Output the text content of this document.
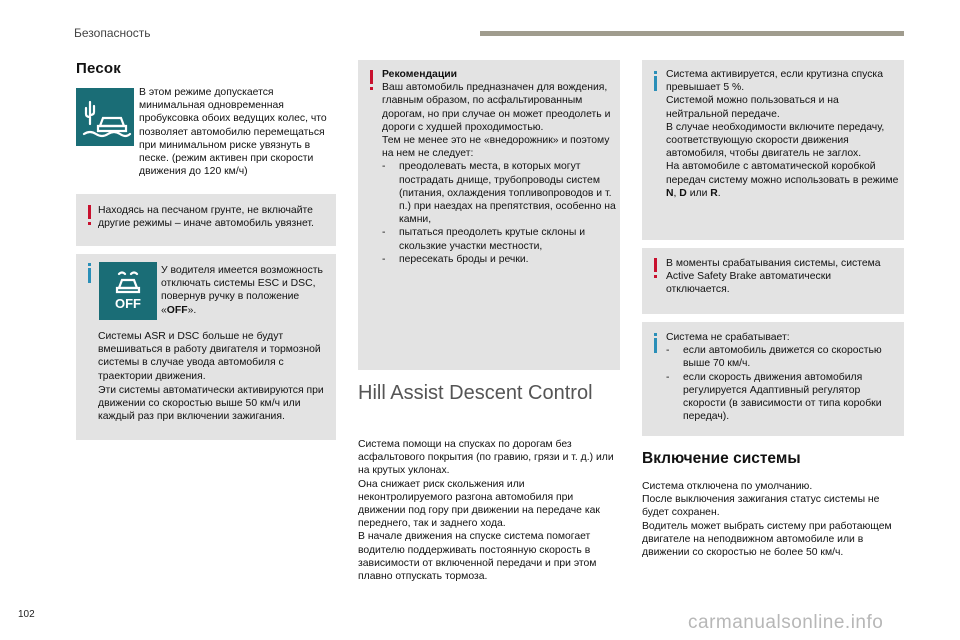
Безопасность
Песок

В этом режиме допускается минимальная одновременная пробуксовка обоих ведущих колес, что позволяет автомобилю перемещаться при минимальном риске увязнуть в песке. (режим активен при скорости движения до 120 км/ч)

Находясь на песчаном грунте, не включайте другие режимы – иначе автомобиль увязнет.

У водителя имеется возможность отключать системы ESC и DSC, повернув ручку в положение «OFF».

Системы ASR и DSC больше не будут вмешиваться в работу двигателя и тормозной системы в случае увода автомобиля с траектории движения.

Эти системы автоматически активируются при движении со скоростью выше 50 км/ч или каждый раз при включении зажигания.

OFF

Рекомендации

Ваш автомобиль предназначен для вождения, главным образом, по асфальтированным дорогам, но при случае он может преодолеть и дороги с худшей проходимостью.

Тем не менее это не «внедорожник» и поэтому на нем не следует:

- преодолевать места, в которых могут пострадать днище, трубопроводы систем (питания, охлаждения топливопроводов и т. п.) при наездах на препятствия, особенно на камни,

- пытаться преодолеть крутые склоны и скользкие участки местности,

- пересекать броды и речки.

Hill Assist Descent Control

Система помощи на спусках по дорогам без асфальтового покрытия (по гравию, грязи и т. д.) или на крутых уклонах.

Она снижает риск скольжения или неконтролируемого разгона автомобиля при движении под гору при движении на передаче как переднего, так и заднего хода.

В начале движения на спуске система помогает водителю поддерживать постоянную скорость в зависимости от включенной передачи и при этом плавно отпускать тормоза.

Система активируется, если крутизна спуска превышает 5 %.

Системой можно пользоваться и на нейтральной передаче.

В случае необходимости включите передачу, соответствующую скорости движения автомобиля, чтобы двигатель не заглох.

На автомобиле с автоматической коробкой передач систему можно использовать в режиме N, D или R.

В моменты срабатывания системы, система Active Safety Brake автоматически отключается.

Система не срабатывает:

- если автомобиль движется со скоростью выше 70 км/ч.

- если скорость движения автомобиля регулируется Адаптивный регулятор скорости (в зависимости от типа коробки передач).

Включение системы

Система отключена по умолчанию.

После выключения зажигания статус системы не будет сохранен.

Водитель может выбрать систему при работающем двигателе на неподвижном автомобиле или в движении со скоростью не более 50 км/ч.

102	carmanualsonline.info
